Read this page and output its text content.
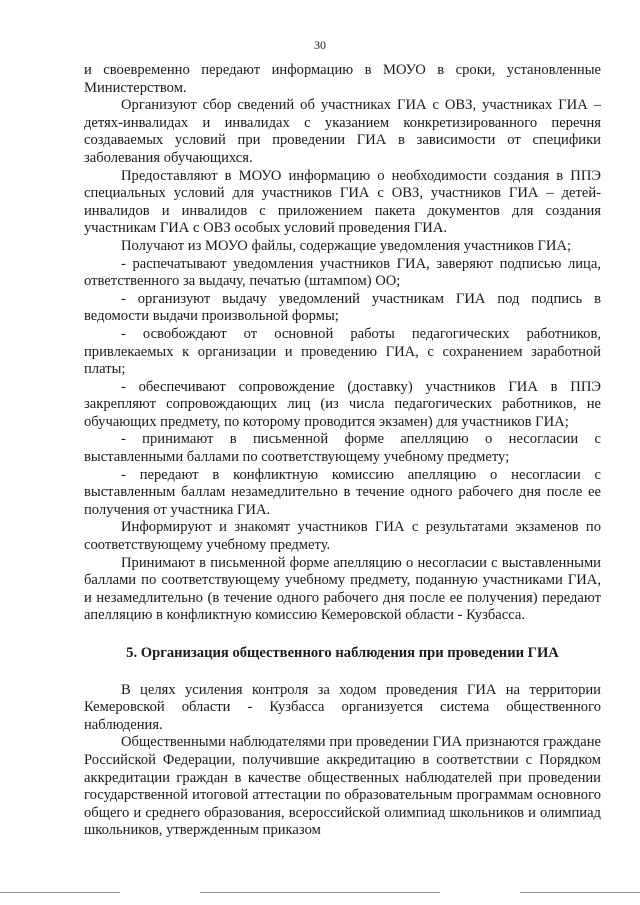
30

и своевременно передают информацию в МОУО в сроки, установленные Министерством.

Организуют сбор сведений об участниках ГИА с ОВЗ, участниках ГИА – детях-инвалидах и инвалидах с указанием конкретизированного перечня создаваемых условий при проведении ГИА в зависимости от специфики заболевания обучающихся.

Предоставляют в МОУО информацию о необходимости создания в ППЭ специальных условий для участников ГИА с ОВЗ, участников ГИА – детей-инвалидов и инвалидов с приложением пакета документов для создания участникам ГИА с ОВЗ особых условий проведения ГИА.

Получают из МОУО файлы, содержащие уведомления участников ГИА;

- распечатывают уведомления участников ГИА, заверяют подписью лица, ответственного за выдачу, печатью (штампом) ОО;

- организуют выдачу уведомлений участникам ГИА под подпись в ведомости выдачи произвольной формы;

- освобождают от основной работы педагогических работников, привлекаемых к организации и проведению ГИА, с сохранением заработной платы;

- обеспечивают сопровождение (доставку) участников ГИА в ППЭ закрепляют сопровождающих лиц (из числа педагогических работников, не обучающих предмету, по которому проводится экзамен) для участников ГИА;

- принимают в письменной форме апелляцию о несогласии с выставленными баллами по соответствующему учебному предмету;

- передают в конфликтную комиссию апелляцию о несогласии с выставленным баллам незамедлительно в течение одного рабочего дня после ее получения от участника ГИА.

Информируют и знакомят участников ГИА с результатами экзаменов по соответствующему учебному предмету.

Принимают в письменной форме апелляцию о несогласии с выставленными баллами по соответствующему учебному предмету, поданную участниками ГИА, и незамедлительно (в течение одного рабочего дня после ее получения) передают апелляцию в конфликтную комиссию Кемеровской области - Кузбасса.

5. Организация общественного наблюдения при проведении ГИА

В целях усиления контроля за ходом проведения ГИА на территории Кемеровской области - Кузбасса организуется система общественного наблюдения.

Общественными наблюдателями при проведении ГИА признаются граждане Российской Федерации, получившие аккредитацию в соответствии с Порядком аккредитации граждан в качестве общественных наблюдателей при проведении государственной итоговой аттестации по образовательным программам основного общего и среднего образования, всероссийской олимпиад школьников и олимпиад школьников, утвержденным приказом
